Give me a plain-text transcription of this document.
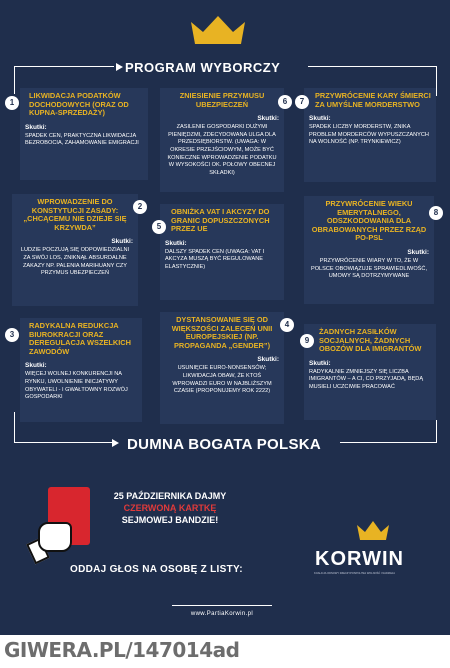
PROGRAM WYBORCZY
LIKWIDACJA PODATKÓW DOCHODOWYCH (ORAZ OD KUPNA-SPRZEDAŻY)
Skutki:

SPADEK CEN, PRAKTYCZNA LIKWIDACJA BEZROBOCIA, ZAHAMOWANIE EMIGRACJI

1
WPROWADZENIE DO KONSTYTUCJI ZASADY: „CHCĄCEMU NIE DZIEJE SIĘ KRZYWDA”
Skutki:

LUDZIE POCZUJĄ SIĘ ODPOWIEDZIALNI ZA SWÓJ LOS, ZNIKNĄŁ ABSURDALNE ZAKAZY NP. PALENIA MARIHUANY CZY PRZYMUS UBEZPIECZEŃ

2
RADYKALNA REDUKCJA BIUROKRACJI ORAZ DEREGULACJA WSZELKICH ZAWODÓW
Skutki:

WIĘCEJ WOLNEJ KONKURENCJI NA RYNKU, UWOLNIENIE INICJATYWY OBYWATELI - I GWAŁTOWNY ROZWÓJ GOSPODARKI

3
ZNIESIENIE PRZYMUSU UBEZPIECZEŃ
Skutki:

ZASILENIE GOSPODARKI DUŻYMI PIENIĘDZMI, ZDECYDOWANA ULGA DLA PRZEDSIĘBIORSTW. (UWAGA: W OKRESIE PRZEJŚCIOWYM, MOŻE BYĆ KONIECZNE WPROWADZENIE PODATKU W WYSOKOŚCI OK. POŁOWY OBECNEJ SKŁADKI)

6
OBNIŻKA VAT I AKCYZY DO GRANIC DOPUSZCZONYCH PRZEZ UE
Skutki:

DALSZY SPADEK CEN (UWAGA: VAT I AKCYZA MUSZĄ BYĆ REGULOWANE ELASTYCZNIE)

5
DYSTANSOWANIE SIĘ OD WIĘKSZOŚCI ZALECEŃ UNII EUROPEJSKIEJ (NP. PROPAGANDA „GENDER”)
Skutki:

USUNIĘCIE EURO-NONSENSÓW; LIKWIDACJA OBAW, ŻE KTOŚ WPROWADZI EURO W NAJBLIŻSZYM CZASIE (PROPONUJEMY ROK 2222)

4
PRZYWRÓCENIE KARY ŚMIERCI ZA UMYŚLNE MORDERSTWO
Skutki:

SPADEK LICZBY MORDERSTW, ZNIKA PROBLEM MORDERCÓW WYPUSZCZANYCH NA WOLNOŚĆ (NP. TRYNKIEWICZ)

7
PRZYWRÓCENIE WIEKU EMERYTALNEGO, ODSZKODOWANIA DLA OBRABOWANYCH PRZEZ RZĄD PO-PSL
Skutki:

PRZYWRÓCENIE WIARY W TO, ŻE W POLSCE OBOWIĄZUJE SPRAWIEDLIWOŚĆ, UMOWY SĄ DOTRZYMYWANE

8
ŻADNYCH ZASIŁKÓW SOCJALNYCH, ŻADNYCH OBOZÓW DLA IMIGRANTÓW
Skutki:

RADYKALNIE ZMNIEJSZY SIĘ LICZBA IMIGRANTÓW – A CI, CO PRZYJADĄ, BĘDĄ MUSIELI UCZCIWIE PRACOWAĆ

9
DUMNA BOGATA POLSKA
25 PAŹDZIERNIKA DAJMY
CZERWONĄ KARTKĘ
SEJMOWEJ BANDZIE!
ODDAJ GŁOS NA OSOBĘ Z LISTY:	KORWIN
KOALICJA ODNOWY RZECZYPOSPOLITEJ WOLNOŚĆ I NADZIEJA
www.PartiaKorwin.pl
GIWERA.PL/147014ad
